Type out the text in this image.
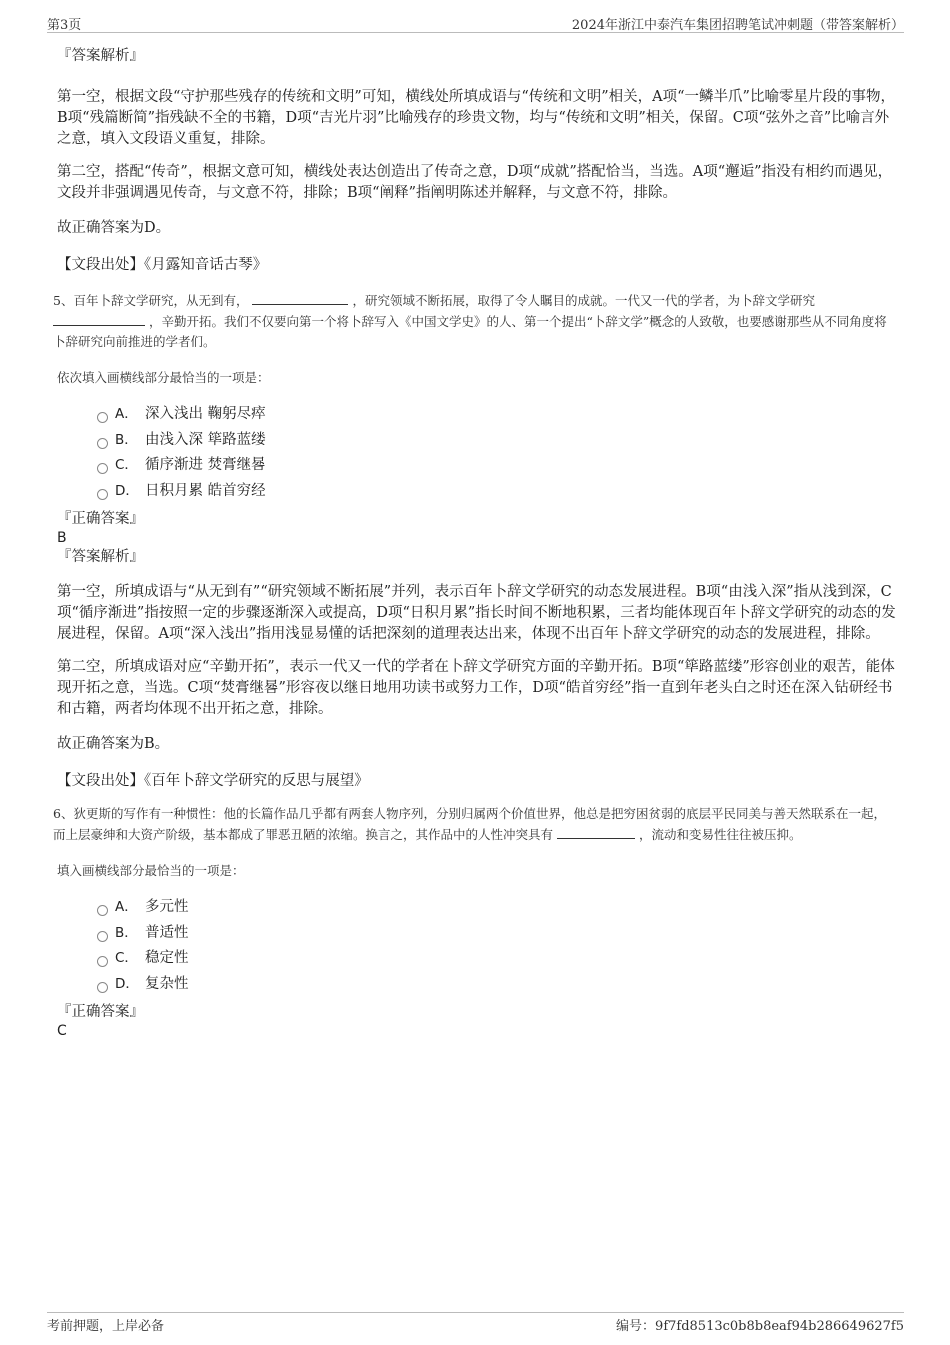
第3页	2024年浙江中泰汽车集团招聘笔试冲刺题（带答案解析）

『答案解析』

第一空，根据文段“守护那些残存的传统和文明”可知，横线处所填成语与“传统和文明”相关，A项“一鳞半爪”比喻零星片段的事物，B项“残篇断简”指残缺不全的书籍，D项“吉光片羽”比喻残存的珍贵文物，均与“传统和文明”相关，保留。C项“弦外之音”比喻言外之意，填入文段语义重复，排除。

第二空，搭配“传奇”，根据文意可知，横线处表达创造出了传奇之意，D项“成就”搭配恰当，当选。A项“邂逅”指没有相约而遇见，文段并非强调遇见传奇，与文意不符，排除；B项“阐释”指阐明陈述并解释，与文意不符，排除。

故正确答案为D。

【文段出处】《月露知音话古琴》

5、百年卜辞文学研究，从无到有，	，研究领域不断拓展，取得了令人瞩目的成就。一代又一代的学者，为卜辞文学研究，辛勤开拓。我们不仅要向第一个将卜辞写入《中国文学史》的人、第一个提出“卜辞文学”概念的人致敬，也要感谢那些从不同角度将卜辞研究向前推进的学者们。

依次填入画横线部分最恰当的一项是：

A． 深入浅出 鞠躬尽瘁
B． 由浅入深 筚路蓝缕
C． 循序渐进 焚膏继晷
D． 日积月累 皓首穷经

『正确答案』

B

『答案解析』

第一空，所填成语与“从无到有”“研究领域不断拓展”并列，表示百年卜辞文学研究的动态发展进程。B项“由浅入深”指从浅到深，C项“循序渐进”指按照一定的步骤逐渐深入或提高，D项“日积月累”指长时间不断地积累，三者均能体现百年卜辞文学研究的动态的发展进程，保留。A项“深入浅出”指用浅显易懂的话把深刻的道理表达出来，体现不出百年卜辞文学研究的动态的发展进程，排除。

第二空，所填成语对应“辛勤开拓”，表示一代又一代的学者在卜辞文学研究方面的辛勤开拓。B项“筚路蓝缕”形容创业的艰苦，能体现开拓之意，当选。C项“焚膏继晷”形容夜以继日地用功读书或努力工作，D项“皓首穷经”指一直到年老头白之时还在深入钻研经书和古籍，两者均体现不出开拓之意，排除。

故正确答案为B。

【文段出处】《百年卜辞文学研究的反思与展望》

6、狄更斯的写作有一种惯性：他的长篇作品几乎都有两套人物序列，分别归属两个价值世界，他总是把穷困贫弱的底层平民同美与善天然联系在一起，而上层豪绅和大资产阶级，基本都成了罪恶丑陋的浓缩。换言之，其作品中的人性冲突具有	，流动和变易性往往被压抑。

填入画横线部分最恰当的一项是：

A． 多元性
B． 普适性
C． 稳定性
D． 复杂性

『正确答案』

C

考前押题，上岸必备	编号：9f7fd8513c0b8b8eaf94b286649627f5
